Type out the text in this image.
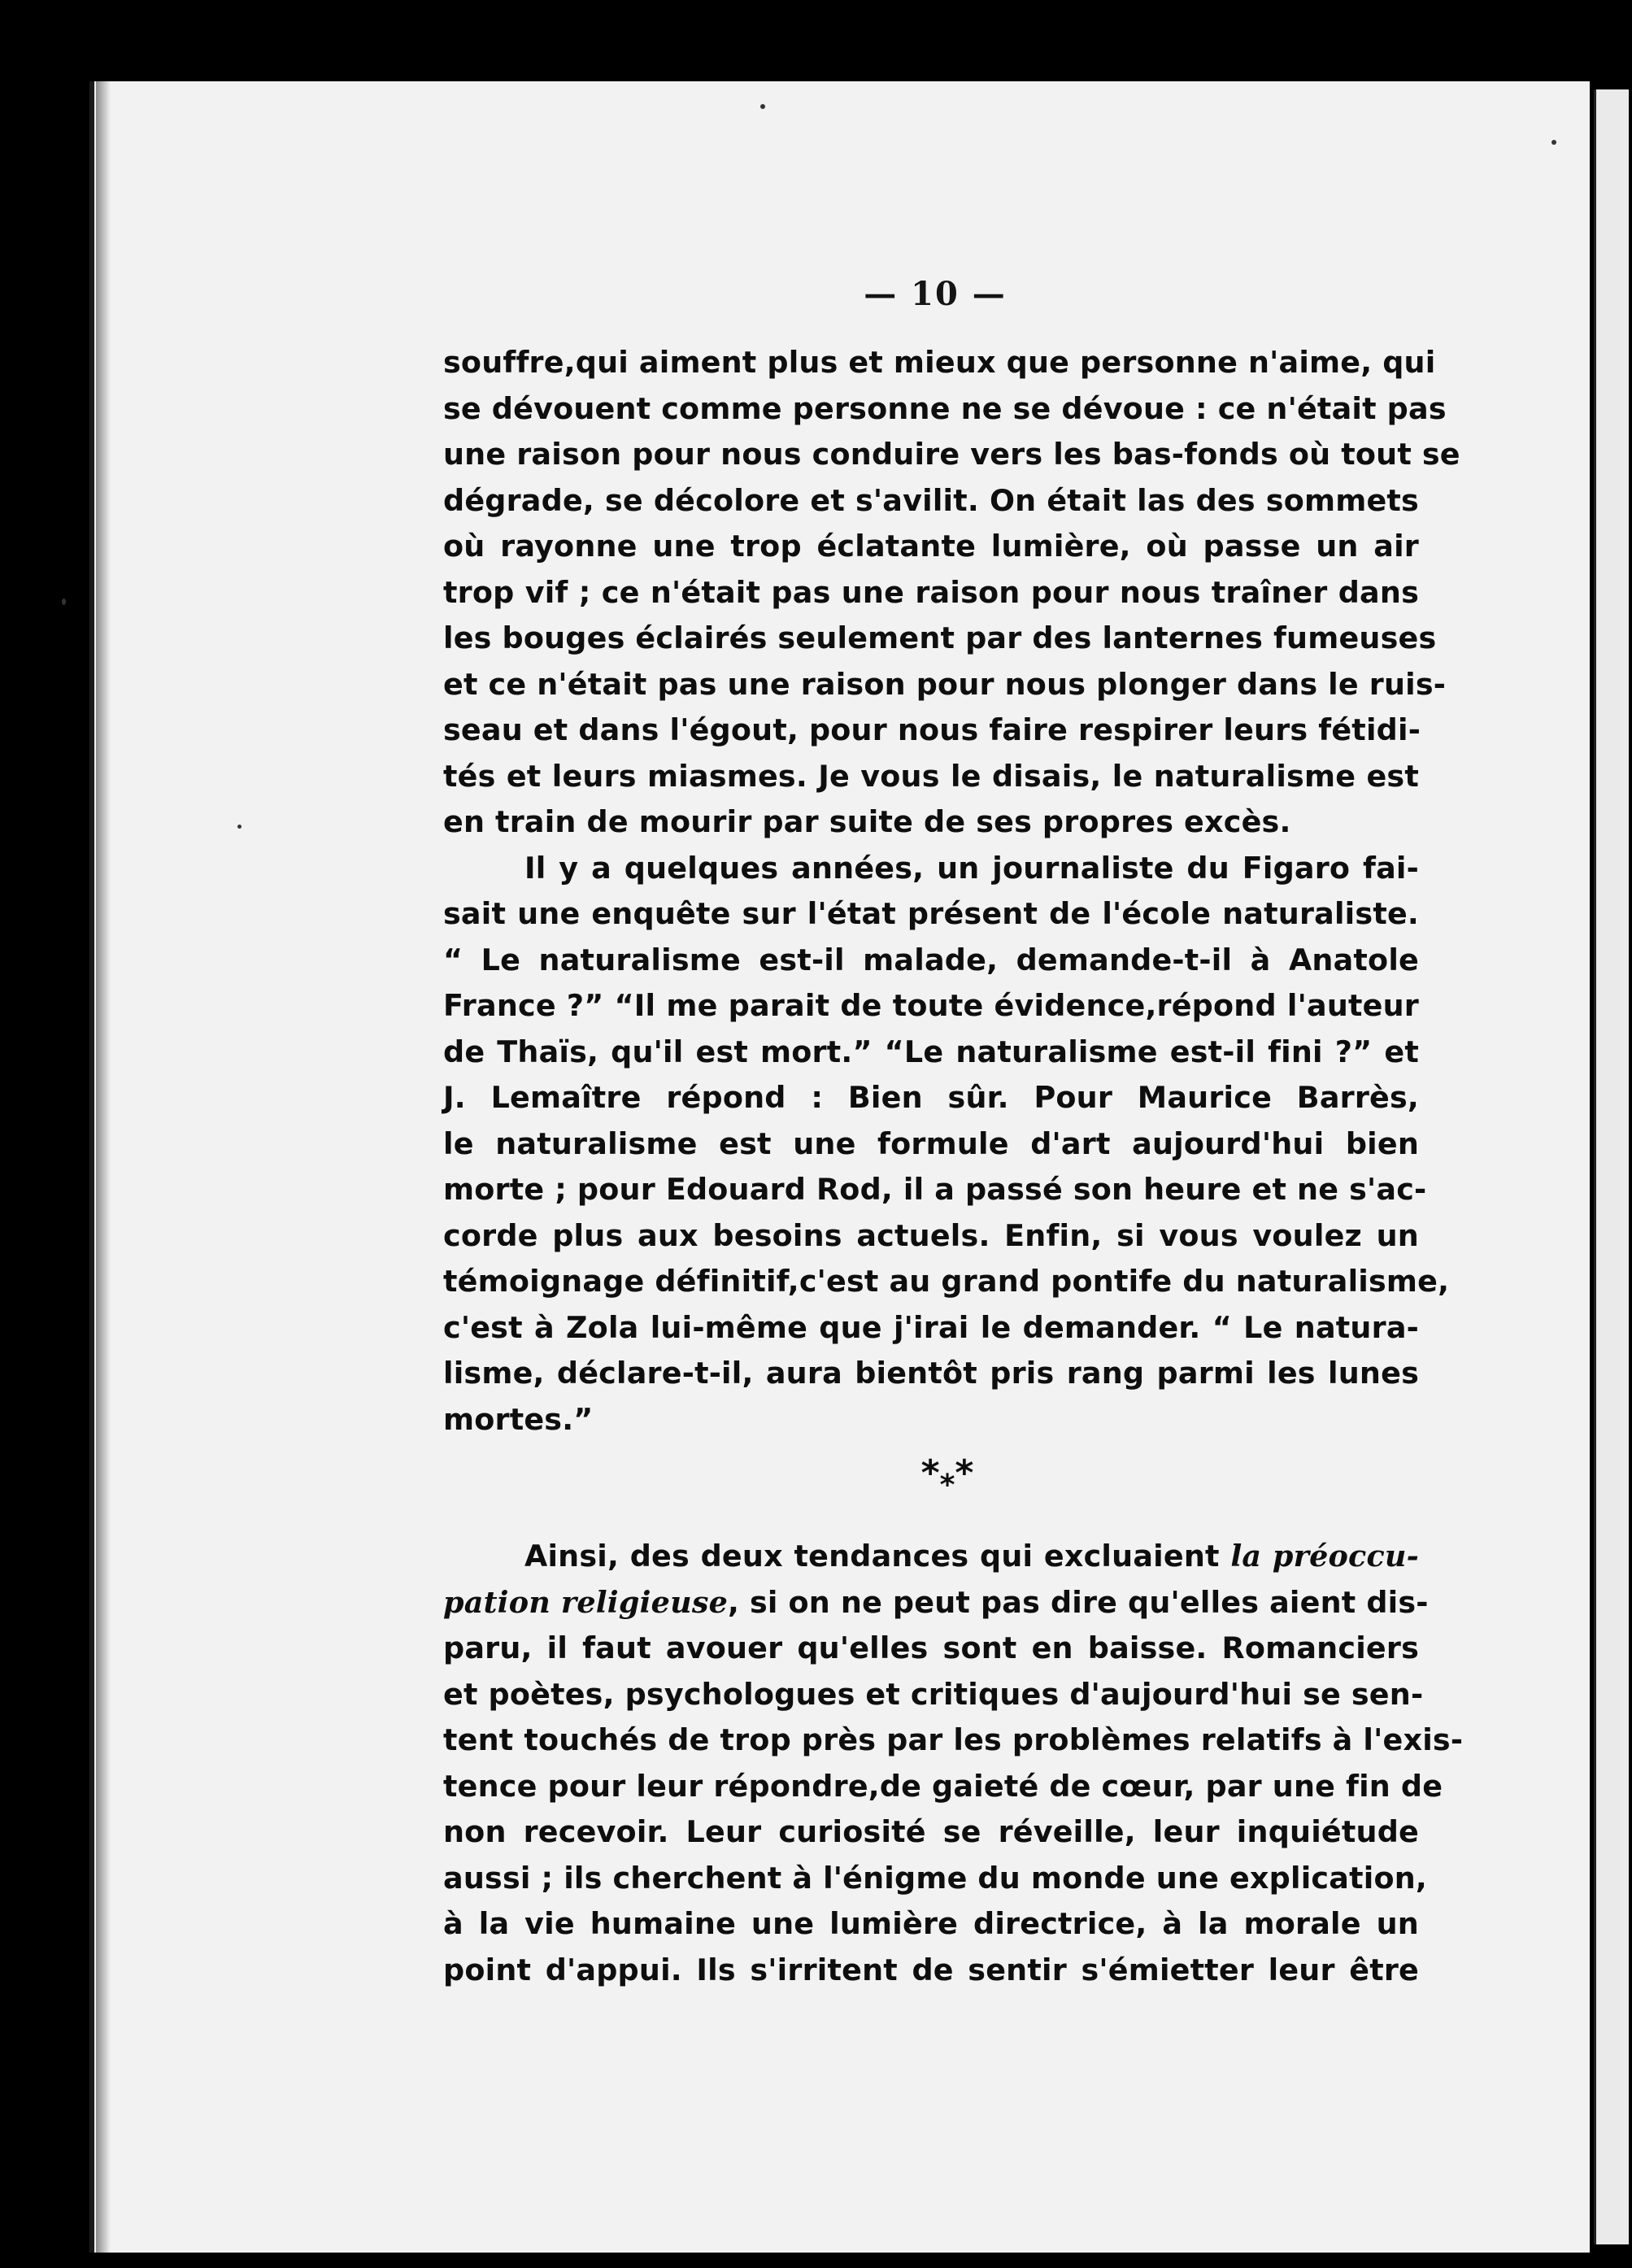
— 10 —
souffre,qui aiment plus et mieux que personne n'aime, qui
se dévouent comme personne ne se dévoue : ce n'était pas
une raison pour nous conduire vers les bas-fonds où tout se
dégrade, se décolore et s'avilit. On était las des sommets
où rayonne une trop éclatante lumière, où passe un air
trop vif ; ce n'était pas une raison pour nous traîner dans
les bouges éclairés seulement par des lanternes fumeuses
et ce n'était pas une raison pour nous plonger dans le ruis-
seau et dans l'égout, pour nous faire respirer leurs fétidi-
tés et leurs miasmes. Je vous le disais, le naturalisme est
en train de mourir par suite de ses propres excès.
Il y a quelques années, un journaliste du Figaro fai-
sait une enquête sur l'état présent de l'école naturaliste.
“ Le naturalisme est-il malade, demande-t-il à Anatole
France ?” “Il me parait de toute évidence,répond l'auteur
de Thaïs, qu'il est mort.” “Le naturalisme est-il fini ?” et
J. Lemaître répond : Bien sûr. Pour Maurice Barrès,
le naturalisme est une formule d'art aujourd'hui bien
morte ; pour Edouard Rod, il a passé son heure et ne s'ac-
corde plus aux besoins actuels. Enfin, si vous voulez un
témoignage définitif,c'est au grand pontife du naturalisme,
c'est à Zola lui-même que j'irai le demander. “ Le natura-
lisme, déclare-t-il, aura bientôt pris rang parmi les lunes
mortes.”
$*_**$
Ainsi, des deux tendances qui excluaient la préoccu-
pation religieuse, si on ne peut pas dire qu'elles aient dis-
paru, il faut avouer qu'elles sont en baisse. Romanciers
et poètes, psychologues et critiques d'aujourd'hui se sen-
tent touchés de trop près par les problèmes relatifs à l'exis-
tence pour leur répondre,de gaieté de cœur, par une fin de
non recevoir. Leur curiosité se réveille, leur inquiétude
aussi ; ils cherchent à l'énigme du monde une explication,
à la vie humaine une lumière directrice, à la morale un
point d'appui. Ils s'irritent de sentir s'émietter leur être
